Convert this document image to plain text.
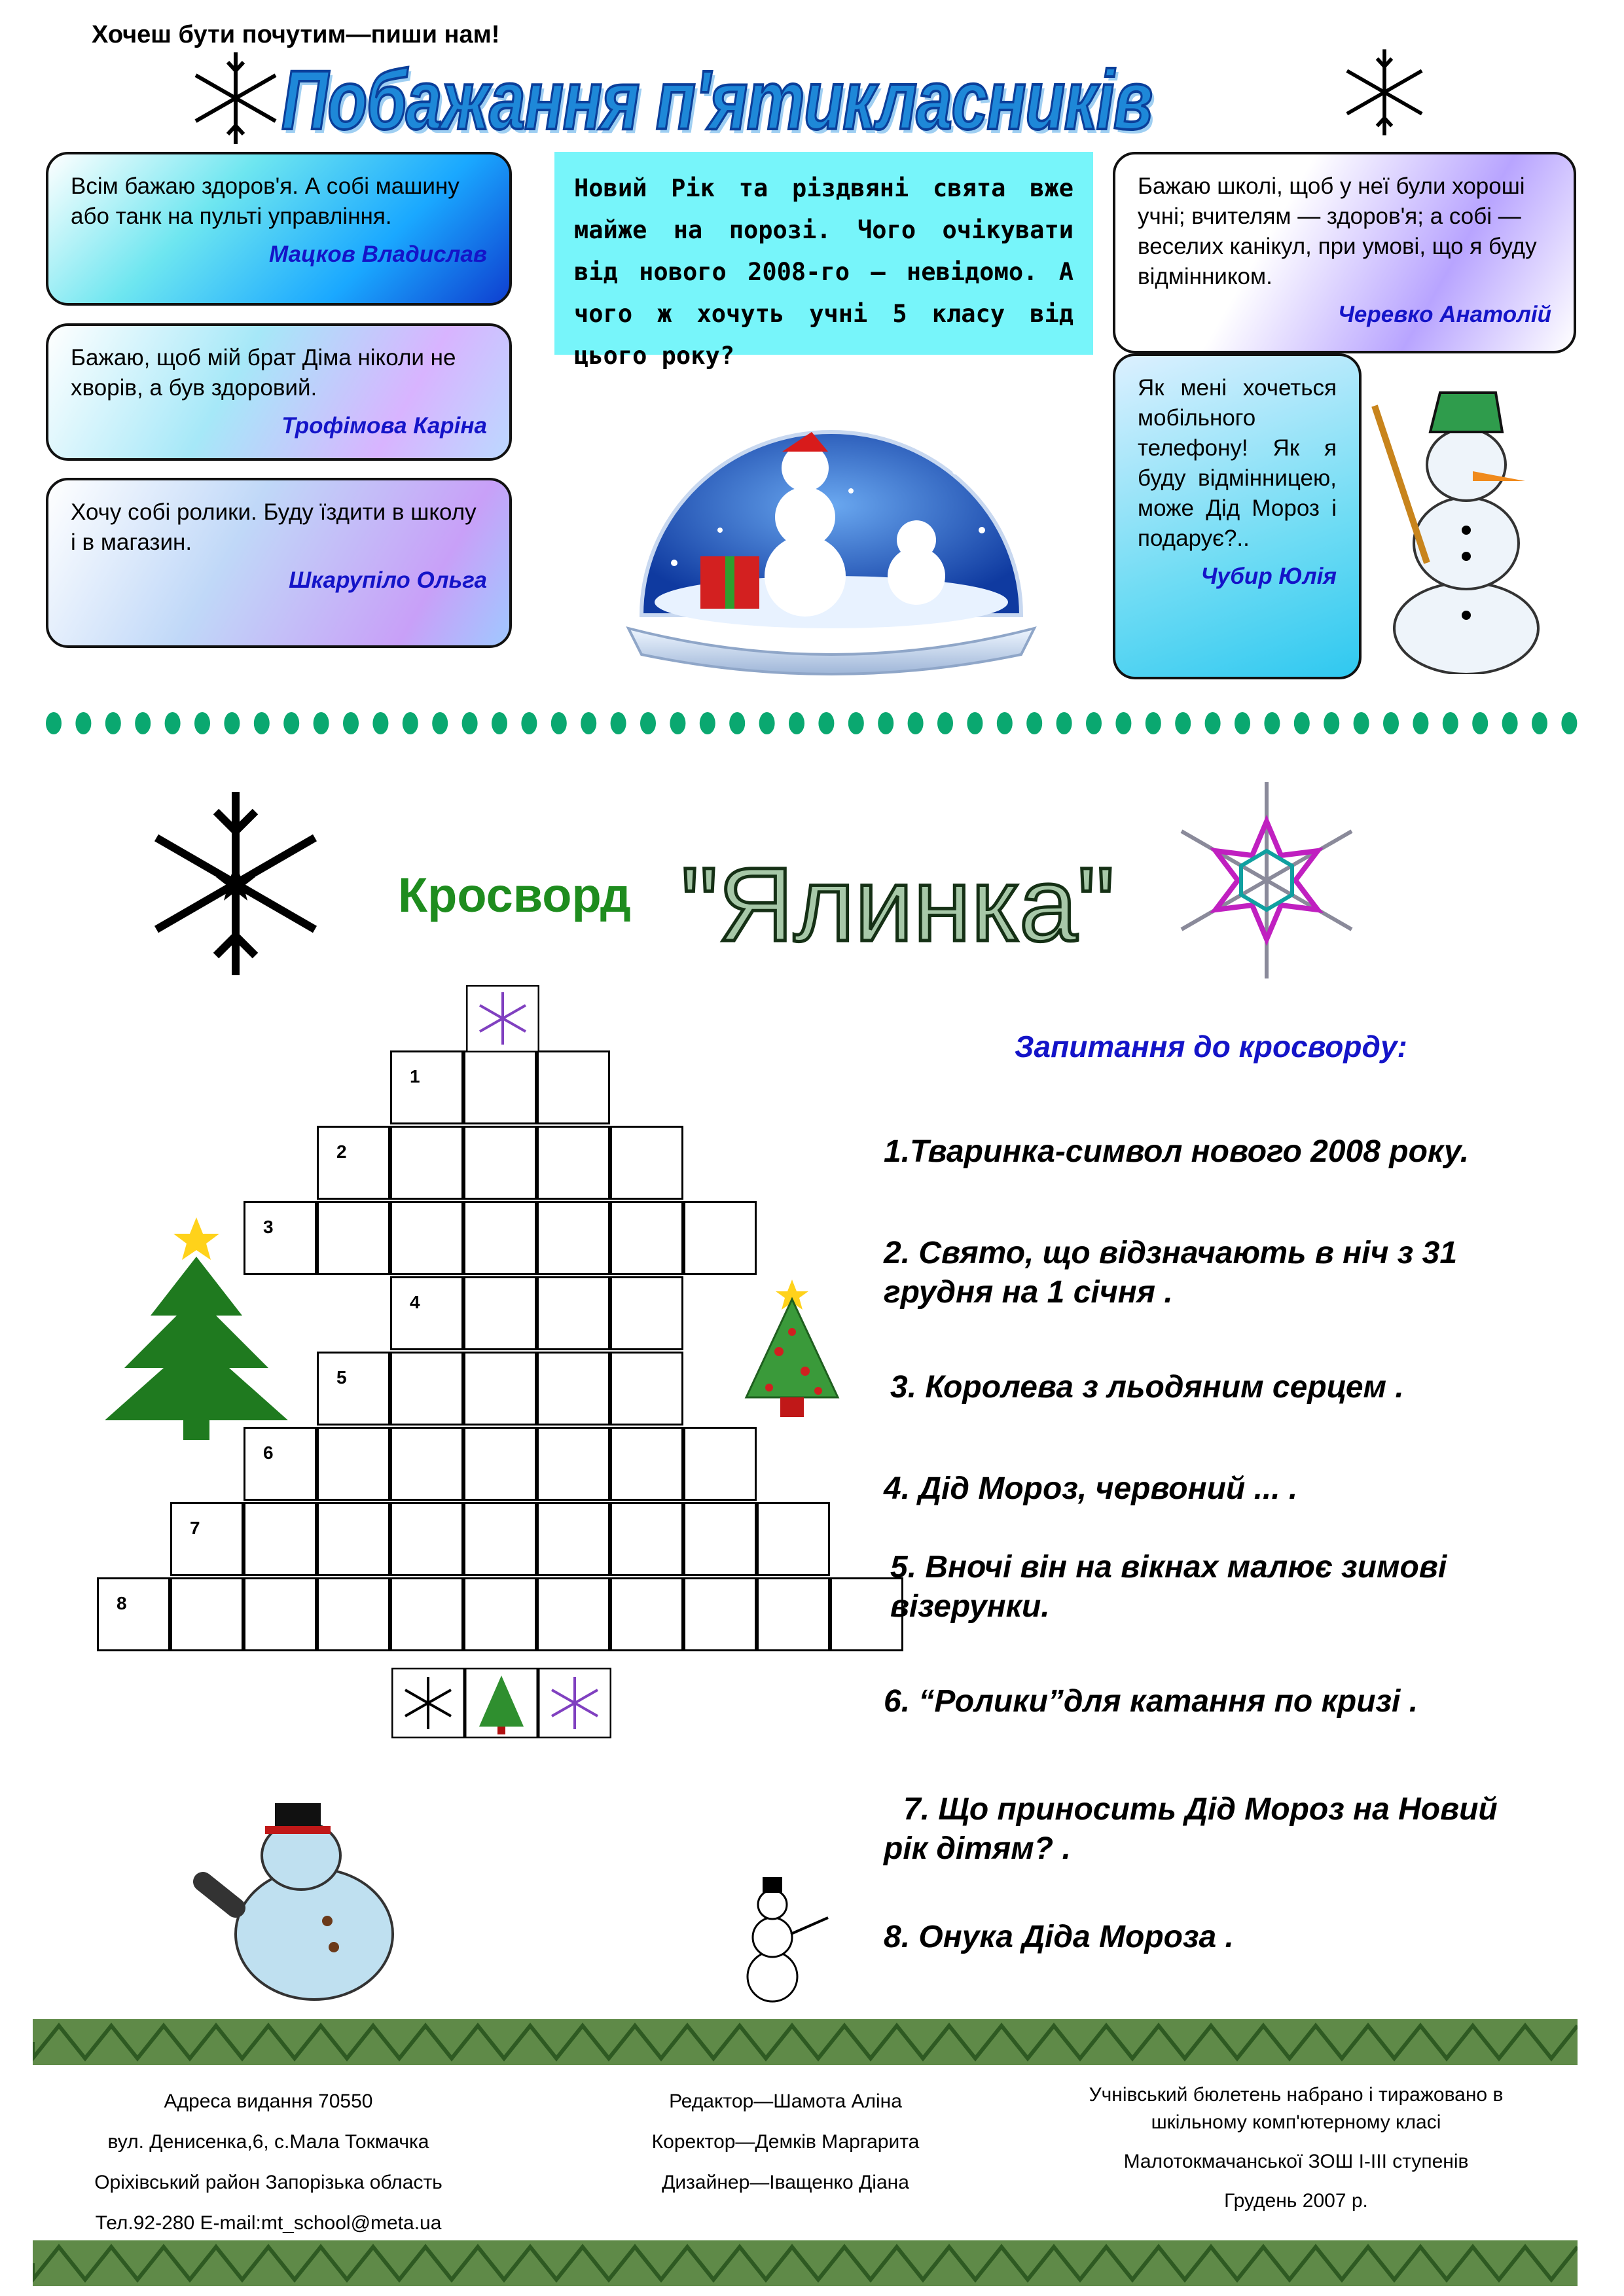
Хочеш бути почутим—пиши нам!
Побажання п'ятикласників
Всім бажаю здоров'я. А собі машину або танк на пульті управління.
Мацков Владислав
Бажаю, щоб мій брат Діма ніколи не хворів, а був здоровий.
Трофімова Каріна
Хочу собі ролики. Буду їздити в школу і в магазин.
Шкарупіло Ольга
Бажаю школі, щоб у неї були хороші учні; вчителям — здоров'я; а собі — веселих канікул, при умові, що я буду відмінником.
Черевко Анатолій
Як мені хочеться мобільного телефону! Як я буду відмінницею, може Дід Мороз і подарує?..
Чубир Юлія
Новий Рік та різдвяні свята вже майже на порозі. Чого очікувати від нового 2008-го — невідомо. А чого ж хочуть учні 5 класу від цього року?
Кросворд "Ялинка"
1
2
3
4
5
6
7
8
Запитання до кросворду:
1.Тваринка-символ нового 2008 року.
2. Свято, що відзначають в ніч з 31 грудня на 1 січня .
3. Королева з льодяним серцем .
4. Дід Мороз, червоний ... .
5. Вночі він на вікнах малює зимові візерунки.
6. “Ролики”для катання по кризі .
7. Що приносить Дід Мороз на Новий рік дітям? .
8. Онука Діда Мороза .
Адреса видання 70550
вул. Денисенка,6, с.Мала Токмачка
Оріхівський район Запорізька область
Тел.92-280 E-mail:mt_school@meta.ua
Редактор—Шамота Аліна
Коректор—Демків Маргарита
Дизайнер—Іващенко Діана
Учнівський бюлетень набрано і тиражовано в шкільному комп'ютерному класі
Малотокмачанської ЗОШ I-III ступенів
Грудень 2007 р.
